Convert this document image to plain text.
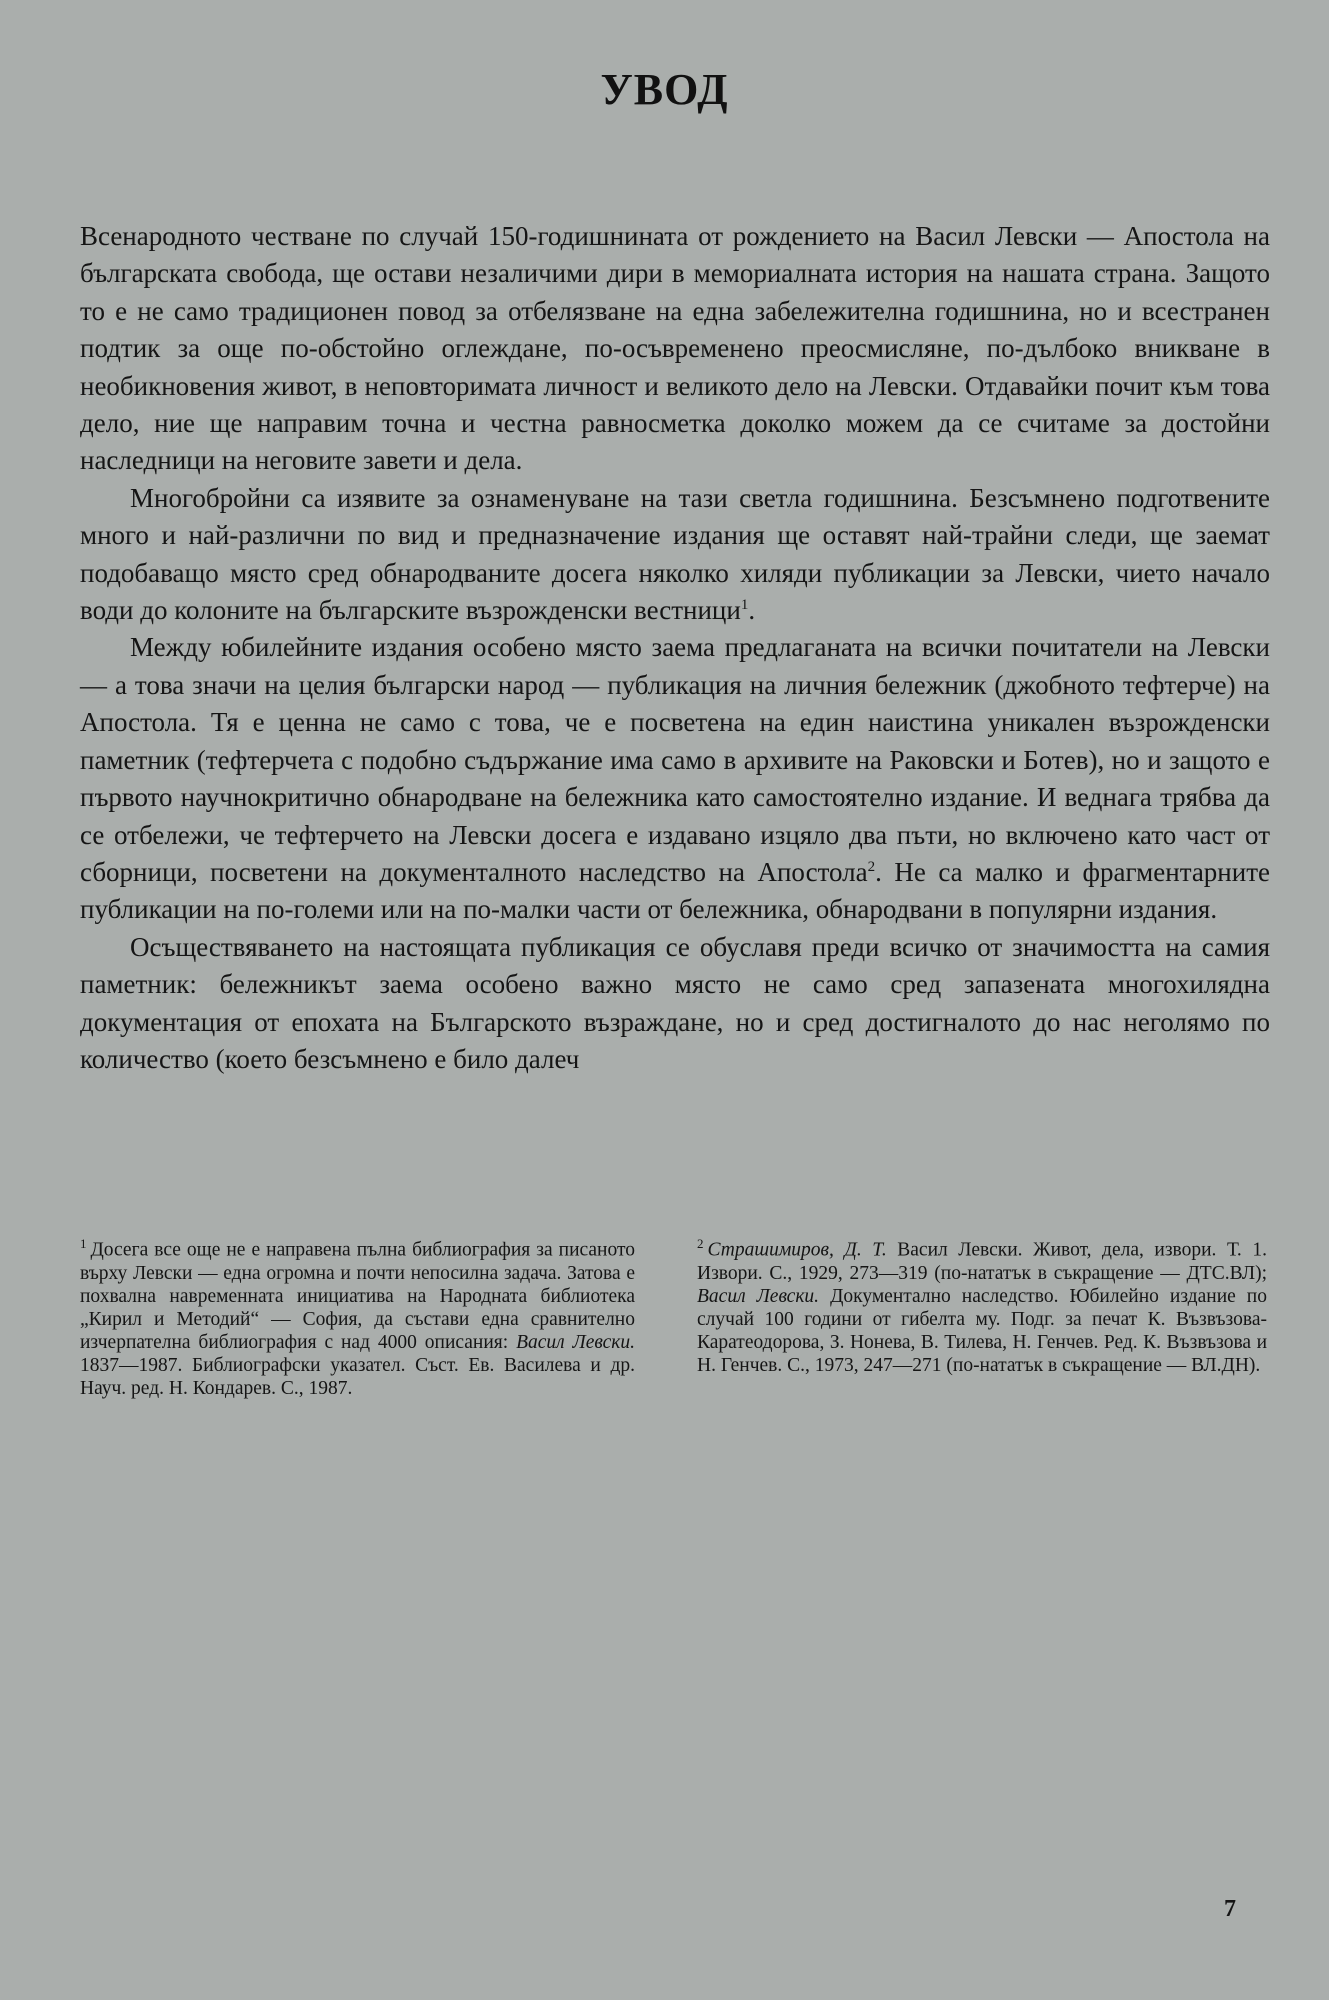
УВОД

Всенародното честване по случай 150-годишнината от рождението на Васил Левски — Апостола на българската свобода, ще остави незаличими дири в мемориалната история на нашата страна. Защото то е не само традиционен повод за отбелязване на една забележителна годишнина, но и всестранен подтик за още по-обстойно оглеждане, по-осъвременено преосмисляне, по-дълбоко вникване в необикновения живот, в неповторимата личност и великото дело на Левски. Отдавайки почит към това дело, ние ще направим точна и честна равносметка доколко можем да се считаме за достойни наследници на неговите завети и дела.

Многобройни са изявите за ознаменуване на тази светла годишнина. Безсъмнено подготвените много и най-различни по вид и предназначение издания ще оставят най-трайни следи, ще заемат подобаващо място сред обнародваните досега няколко хиляди публикации за Левски, чието начало води до колоните на българските възрожденски вестници$^1$.

Между юбилейните издания особено място заема предлаганата на всички почитатели на Левски — а това значи на целия български народ — публикация на личния бележник (джобното тефтерче) на Апостола. Тя е ценна не само с това, че е посветена на един наистина уникален възрожденски паметник (тефтерчета с подобно съдържание има само в архивите на Раковски и Ботев), но и защото е първото научнокритично обнародване на бележника като самостоятелно издание. И веднага трябва да се отбележи, че тефтерчето на Левски досега е издавано изцяло два пъти, но включено като част от сборници, посветени на документалното наследство на Апостола$^2$. Не са малко и фрагментарните публикации на по-големи или на по-малки части от бележника, обнародвани в популярни издания.

Осъществяването на настоящата публикация се обуславя преди всичко от значимостта на самия паметник: бележникът заема особено важно място не само сред запазената многохилядна документация от епохата на Българското възраждане, но и сред достигналото до нас неголямо по количество (което безсъмнено е било далеч

$^1$ Досега все още не е направена пълна библиография за писаното върху Левски — една огромна и почти непосилна задача. Затова е похвална навременната инициатива на Народната библиотека „Кирил и Методий“ — София, да състави една сравнително изчерпателна библиография с над 4000 описания: Васил Левски. 1837—1987. Библиографски указател. Съст. Ев. Василева и др. Науч. ред. Н. Кондарев. С., 1987.

$^2$ Страшимиров, Д. Т. Васил Левски. Живот, дела, извори. Т. 1. Извори. С., 1929, 273—319 (по-нататък в съкращение — ДТС.ВЛ); Васил Левски. Документално наследство. Юбилейно издание по случай 100 години от гибелта му. Подг. за печат К. Възвъзова-Каратеодорова, З. Нонева, В. Тилева, Н. Генчев. Ред. К. Възвъзова и Н. Генчев. С., 1973, 247—271 (по-нататък в съкращение — ВЛ.ДН).

7
